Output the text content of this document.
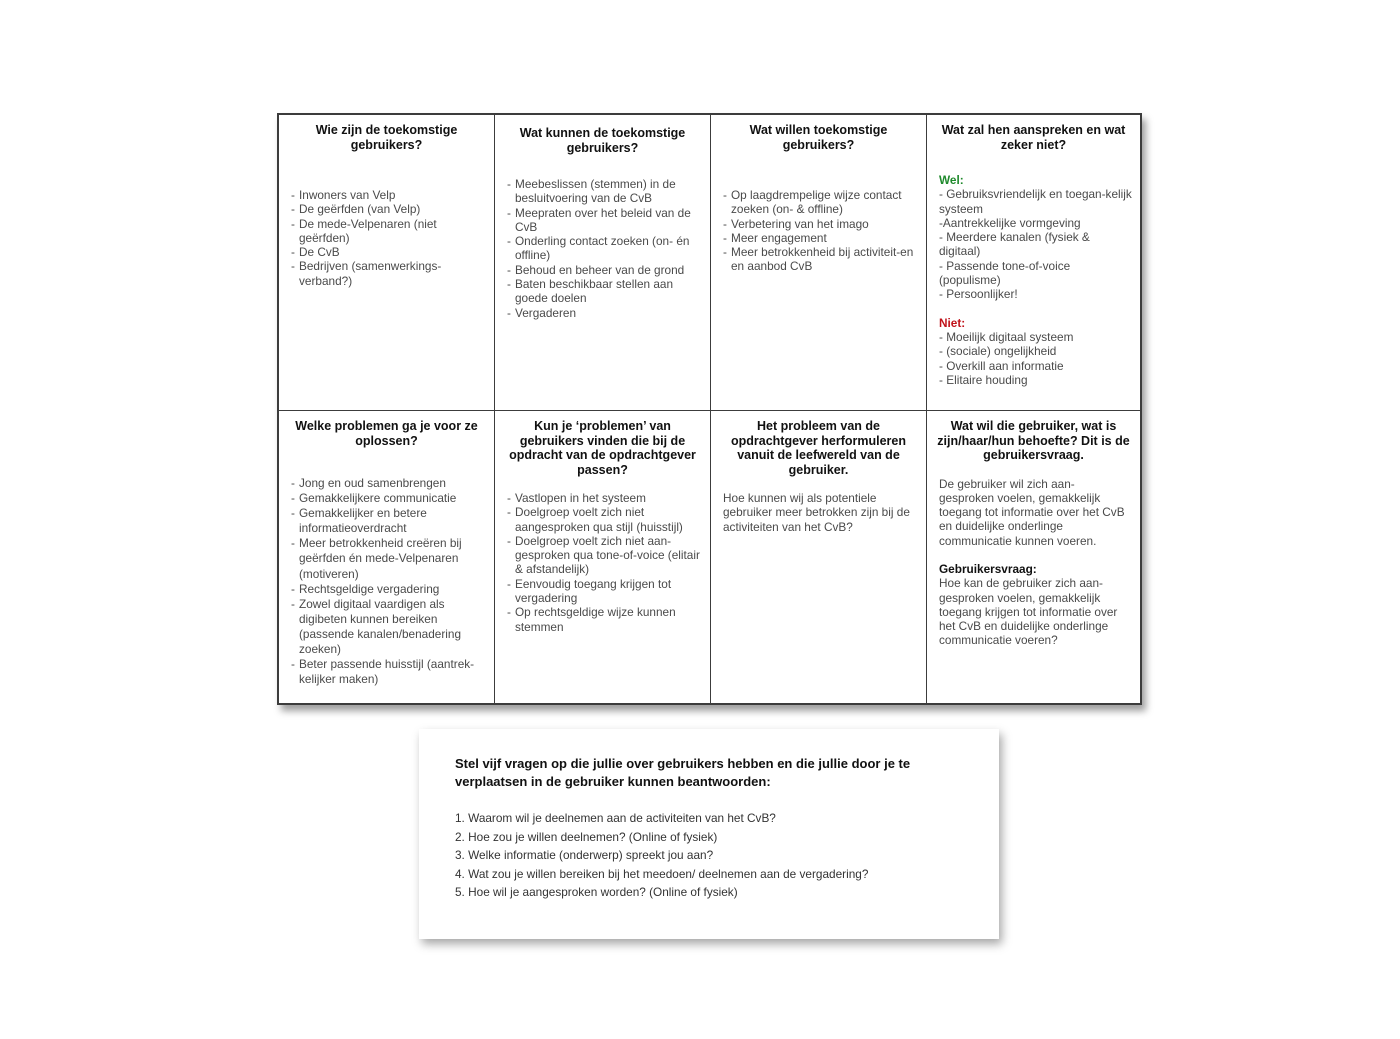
Wie zijn de toekomstige gebruikers?

- Inwoners van Velp
- De geërfden (van Velp)
- De mede-Velpenaren (niet geërfden)
- De CvB
- Bedrijven (samenwerkings-verband?)

Wat kunnen de toekomstige gebruikers?

- Meebeslissen (stemmen) in de besluitvoering van de CvB
- Meepraten over het beleid van de CvB
- Onderling contact zoeken (on- én offline)
- Behoud en beheer van de grond
- Baten beschikbaar stellen aan goede doelen
- Vergaderen

Wat willen toekomstige gebruikers?

- Op laagdrempelige wijze contact zoeken (on- & offline)
- Verbetering van het imago
- Meer engagement
- Meer betrokkenheid bij activiteit-en en aanbod CvB

Wat zal hen aanspreken en wat zeker niet?

Wel:
- Gebruiksvriendelijk en toegan-kelijk systeem
-Aantrekkelijke vormgeving
- Meerdere kanalen (fysiek & digitaal)
- Passende tone-of-voice (populisme)
- Persoonlijker!
Niet:
- Moeilijk digitaal systeem
- (sociale) ongelijkheid
- Overkill aan informatie
- Elitaire houding

Welke problemen ga je voor ze oplossen?

- Jong en oud samenbrengen
- Gemakkelijkere communicatie
- Gemakkelijker en betere informatieoverdracht
- Meer betrokkenheid creëren bij geërfden én mede-Velpenaren (motiveren)
- Rechtsgeldige vergadering
- Zowel digitaal vaardigen als digibeten kunnen bereiken (passende kanalen/benadering zoeken)
- Beter passende huisstijl (aantrek-kelijker maken)

Kun je ‘problemen’ van gebruikers vinden die bij de opdracht van de opdrachtgever passen?

- Vastlopen in het systeem
- Doelgroep voelt zich niet aangesproken qua stijl (huisstijl)
- Doelgroep voelt zich niet aan-gesproken qua tone-of-voice (elitair & afstandelijk)
- Eenvoudig toegang krijgen tot vergadering
- Op rechtsgeldige wijze kunnen stemmen

Het probleem van de opdrachtgever herformuleren vanuit de leefwereld van de gebruiker.

Hoe kunnen wij als potentiele gebruiker meer betrokken zijn bij de activiteiten van het CvB?

Wat wil die gebruiker, wat is zijn/haar/hun behoefte? Dit is de gebruikersvraag.

De gebruiker wil zich aan-gesproken voelen, gemakkelijk toegang tot informatie over het CvB en duidelijke onderlinge communicatie kunnen voeren.
Gebruikersvraag:
Hoe kan de gebruiker zich aan-gesproken voelen, gemakkelijk toegang krijgen tot informatie over het CvB en duidelijke onderlinge communicatie voeren?

Stel vijf vragen op die jullie over gebruikers hebben en die jullie door je te verplaatsen in de gebruiker kunnen beantwoorden:

1. Waarom wil je deelnemen aan de activiteiten van het CvB?
2. Hoe zou je willen deelnemen? (Online of fysiek)
3. Welke informatie (onderwerp) spreekt jou aan?
4. Wat zou je willen bereiken bij het meedoen/ deelnemen aan de vergadering?
5. Hoe wil je aangesproken worden? (Online of fysiek)
